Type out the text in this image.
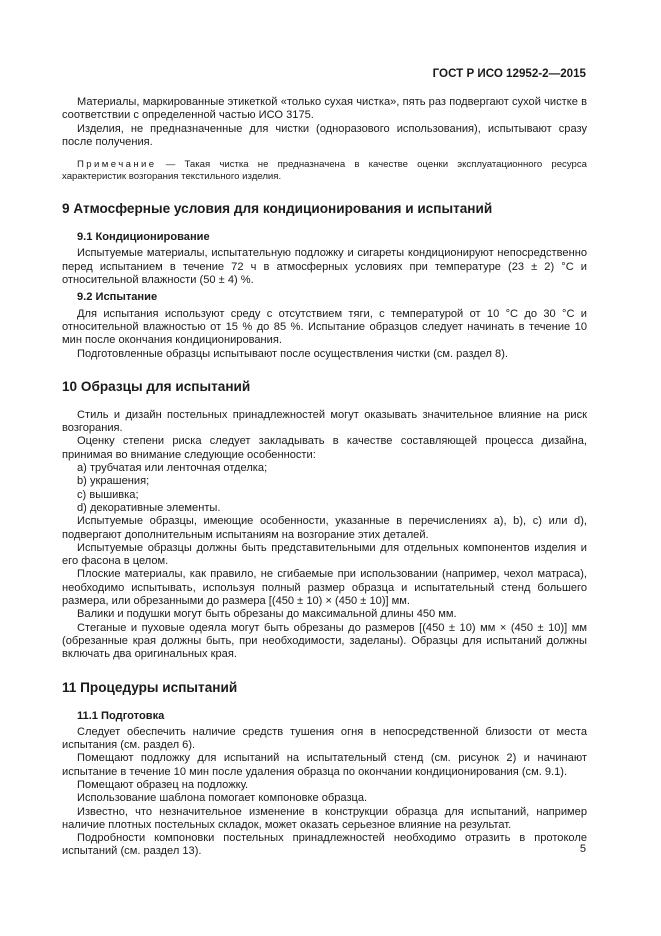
ГОСТ Р ИСО 12952-2—2015

Материалы, маркированные этикеткой «только сухая чистка», пять раз подвергают сухой чистке в соответствии с определенной частью ИСО 3175.

Изделия, не предназначенные для чистки (одноразового использования), испытывают сразу после получения.

Примечание — Такая чистка не предназначена в качестве оценки эксплуатационного ресурса характеристик возгорания текстильного изделия.

9 Атмосферные условия для кондиционирования и испытаний
9.1 Кондиционирование

Испытуемые материалы, испытательную подложку и сигареты кондиционируют непосредственно перед испытанием в течение 72 ч в атмосферных условиях при температуре (23 ± 2) °С и относительной влажности (50 ± 4) %.

9.2 Испытание

Для испытания используют среду с отсутствием тяги, с температурой от 10 °С до 30 °С и относительной влажностью от 15 % до 85 %. Испытание образцов следует начинать в течение 10 мин после окончания кондиционирования.

Подготовленные образцы испытывают после осуществления чистки (см. раздел 8).

10 Образцы для испытаний

Стиль и дизайн постельных принадлежностей могут оказывать значительное влияние на риск возгорания.

Оценку степени риска следует закладывать в качестве составляющей процесса дизайна, принимая во внимание следующие особенности:

a) трубчатая или ленточная отделка;

b) украшения;

c) вышивка;

d) декоративные элементы.

Испытуемые образцы, имеющие особенности, указанные в перечислениях а), b), с) или d), подвергают дополнительным испытаниям на возгорание этих деталей.

Испытуемые образцы должны быть представительными для отдельных компонентов изделия и его фасона в целом.

Плоские материалы, как правило, не сгибаемые при использовании (например, чехол матраса), необходимо испытывать, используя полный размер образца и испытательный стенд большего размера, или обрезанными до размера [(450 ± 10) × (450 ± 10)] мм.

Валики и подушки могут быть обрезаны до максимальной длины 450 мм.

Стеганые и пуховые одеяла могут быть обрезаны до размеров [(450 ± 10) мм × (450 ± 10)] мм (обрезанные края должны быть, при необходимости, заделаны). Образцы для испытаний должны включать два оригинальных края.

11 Процедуры испытаний
11.1 Подготовка

Следует обеспечить наличие средств тушения огня в непосредственной близости от места испытания (см. раздел 6).

Помещают подложку для испытаний на испытательный стенд (см. рисунок 2) и начинают испытание в течение 10 мин после удаления образца по окончании кондиционирования (см. 9.1).

Помещают образец на подложку.

Использование шаблона помогает компоновке образца.

Известно, что незначительное изменение в конструкции образца для испытаний, например наличие плотных постельных складок, может оказать серьезное влияние на результат.

Подробности компоновки постельных принадлежностей необходимо отразить в протоколе испытаний (см. раздел 13).	5
